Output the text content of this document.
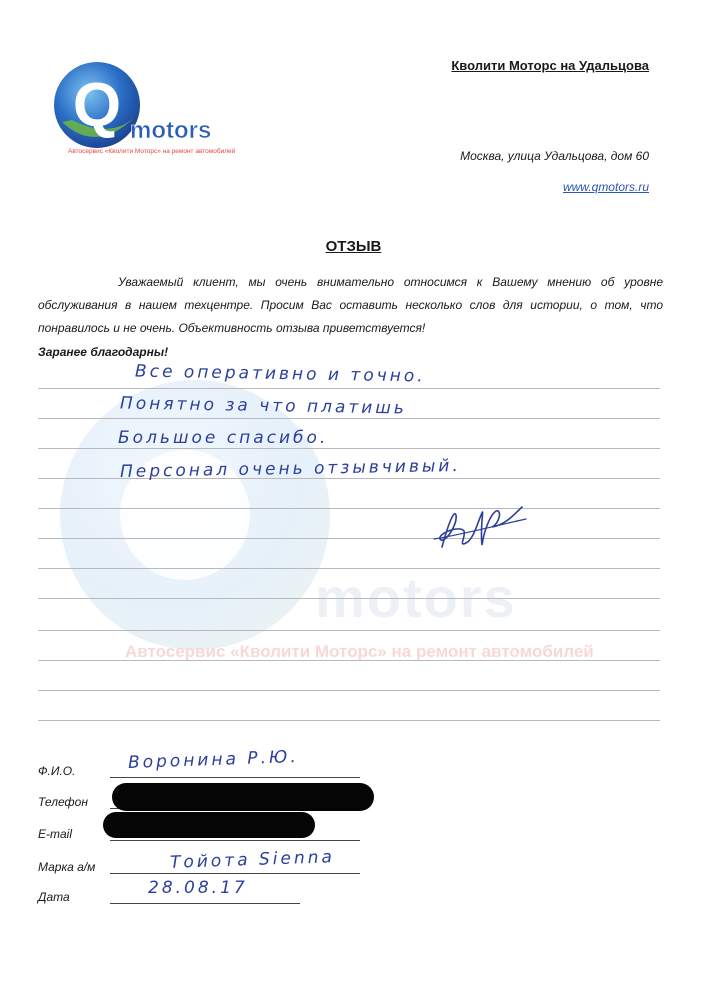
motors
Автосервис «Кволити Моторс» на ремонт автомобилей
Q motors
Автосервис «Кволити Моторс» на ремонт автомобилей
Кволити Моторс на Удальцова
Москва, улица Удальцова, дом 60
www.qmotors.ru
ОТЗЫВ
Уважаемый клиент, мы очень внимательно относимся к Вашему мнению об уровне обслуживания в нашем техцентре. Просим Вас оставить несколько слов для истории, о том, что понравилось и не очень. Объективность отзыва приветствуется!
Заранее благодарны!
Все оперативно и точно.
Понятно за что платишь
Большое спасибо.
Персонал очень отзывчивый.
Ф.И.О.	Воронина Р.Ю.
Телефон
E-mail
Марка а/м	Тойота Sienna
Дата	28.08.17
